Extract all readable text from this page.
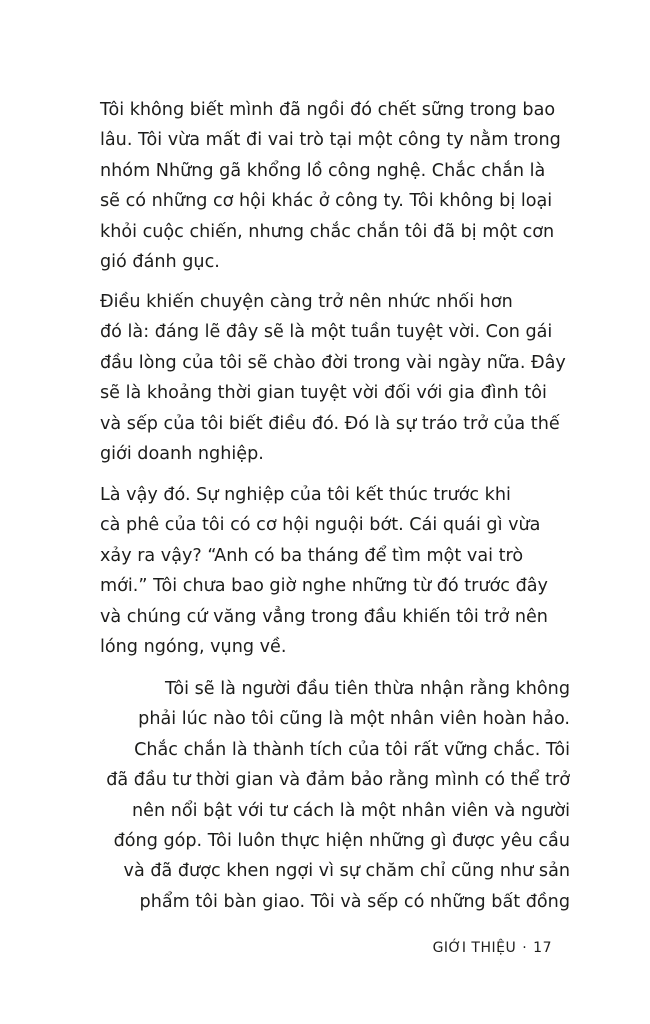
Tôi không biết mình đã ngồi đó chết sững trong bao
lâu. Tôi vừa mất đi vai trò tại một công ty nằm trong
nhóm Những gã khổng lồ công nghệ. Chắc chắn là
sẽ có những cơ hội khác ở công ty. Tôi không bị loại
khỏi cuộc chiến, nhưng chắc chắn tôi đã bị một cơn
gió đánh gục.
Điều khiến chuyện càng trở nên nhức nhối hơn
đó là: đáng lẽ đây sẽ là một tuần tuyệt vời. Con gái
đầu lòng của tôi sẽ chào đời trong vài ngày nữa. Đây
sẽ là khoảng thời gian tuyệt vời đối với gia đình tôi
và sếp của tôi biết điều đó. Đó là sự tráo trở của thế
giới doanh nghiệp.
Là vậy đó. Sự nghiệp của tôi kết thúc trước khi
cà phê của tôi có cơ hội nguội bớt. Cái quái gì vừa
xảy ra vậy? “Anh có ba tháng để tìm một vai trò
mới.” Tôi chưa bao giờ nghe những từ đó trước đây
và chúng cứ văng vẳng trong đầu khiến tôi trở nên
lóng ngóng, vụng về.
Tôi sẽ là người đầu tiên thừa nhận rằng không
phải lúc nào tôi cũng là một nhân viên hoàn hảo.
Chắc chắn là thành tích của tôi rất vững chắc. Tôi
đã đầu tư thời gian và đảm bảo rằng mình có thể trở
nên nổi bật với tư cách là một nhân viên và người
đóng góp. Tôi luôn thực hiện những gì được yêu cầu
và đã được khen ngợi vì sự chăm chỉ cũng như sản
phẩm tôi bàn giao. Tôi và sếp có những bất đồng
GIỚI THIỆU · 17
